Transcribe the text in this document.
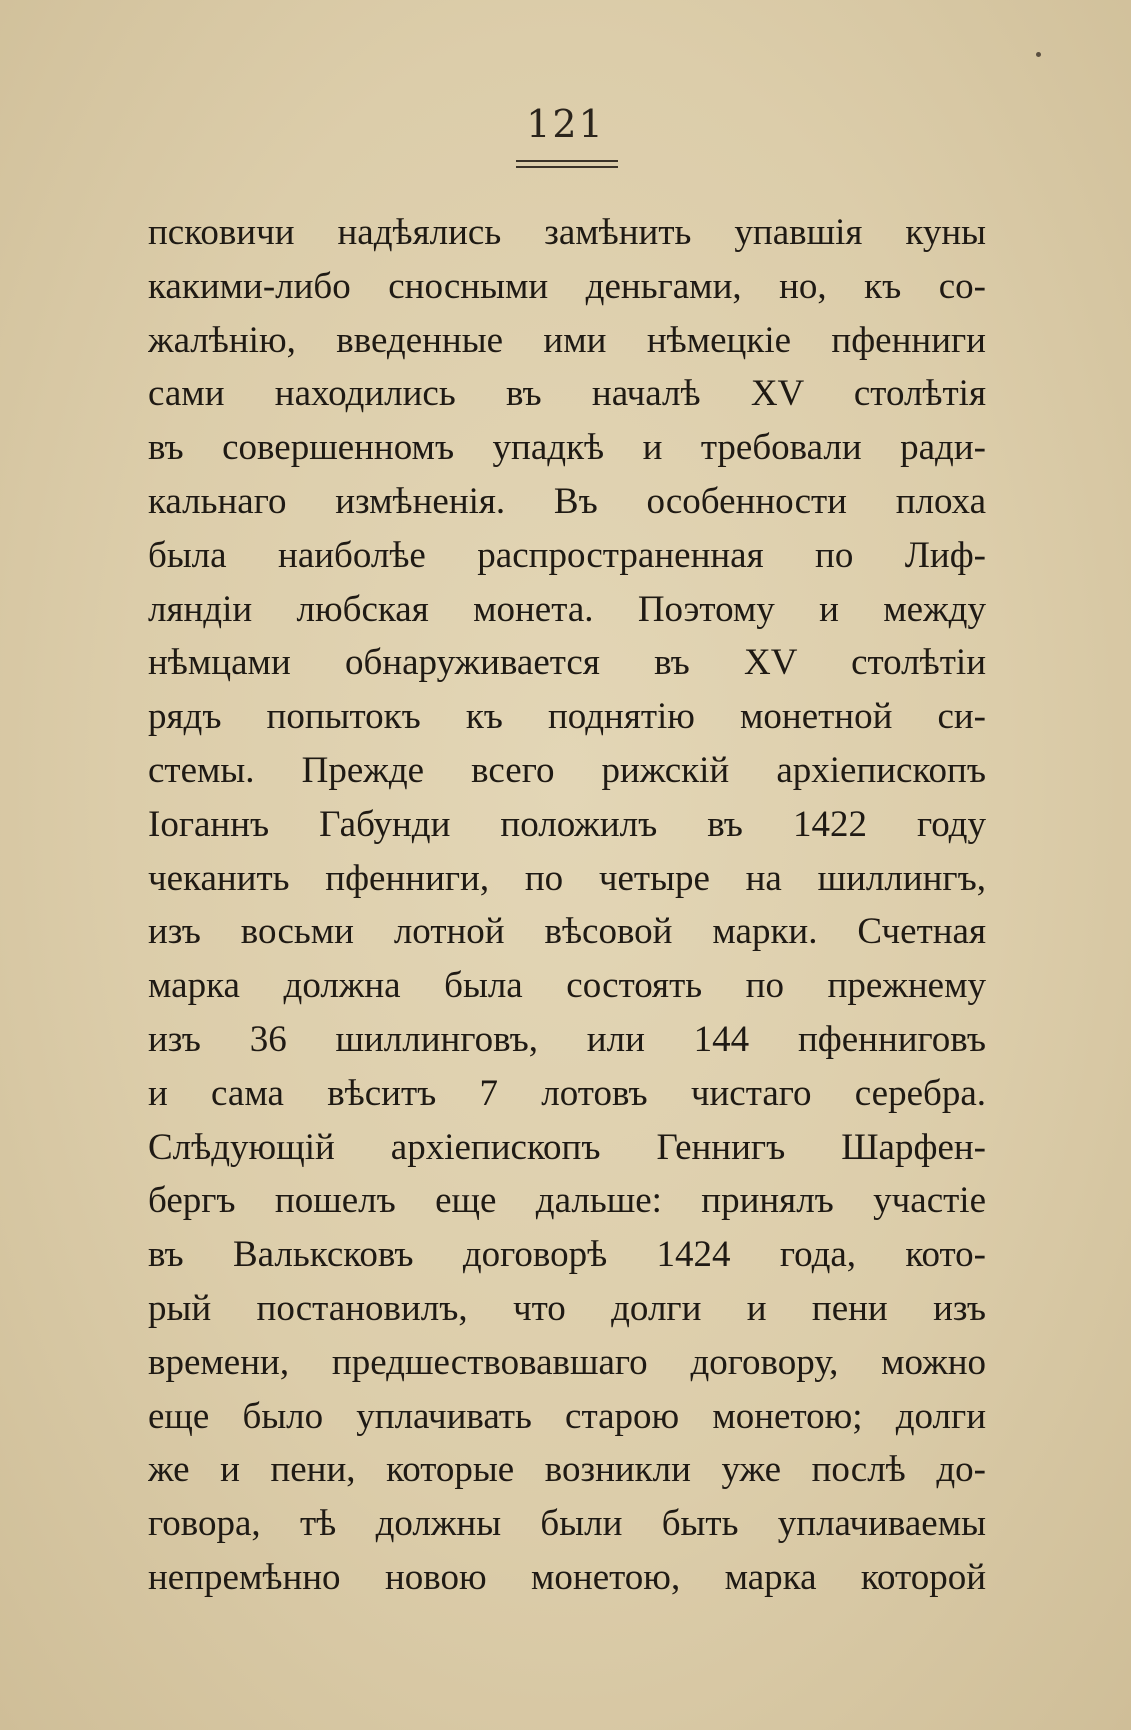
121
псковичи надѣялись замѣнить упавшія куны
какими-либо сносными деньгами, но, къ со-
жалѣнію, введенные ими нѣмецкіе пфенниги
сами находились въ началѣ XV столѣтія
въ совершенномъ упадкѣ и требовали ради-
кальнаго измѣненія. Въ особенности плоха
была наиболѣе распространенная по Лиф-
ляндіи любская монета. Поэтому и между
нѣмцами обнаруживается въ XV столѣтіи
рядъ попытокъ къ поднятію монетной си-
стемы. Прежде всего рижскій архіепископъ
Іоганнъ Габунди положилъ въ 1422 году
чеканить пфенниги, по четыре на шиллингъ,
изъ восьми лотной вѣсовой марки. Счетная
марка должна была состоять по прежнему
изъ 36 шиллинговъ, или 144 пфенниговъ
и сама вѣситъ 7 лотовъ чистаго серебра.
Слѣдующій архіепископъ Геннигъ Шарфен-
бергъ пошелъ еще дальше: принялъ участіе
въ Вальксковъ договорѣ 1424 года, кото-
рый постановилъ, что долги и пени изъ
времени, предшествовавшаго договору, можно
еще было уплачивать старою монетою; долги
же и пени, которые возникли уже послѣ до-
говора, тѣ должны были быть уплачиваемы
непремѣнно новою монетою, марка которой
